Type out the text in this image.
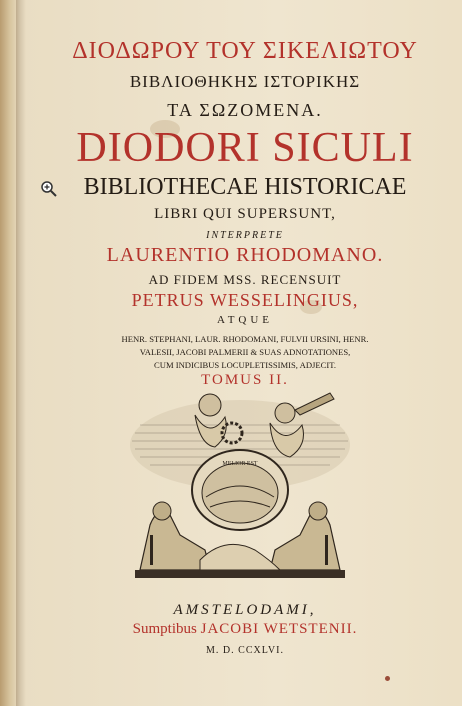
ΔΙΟΔΩΡΟΥ ΤΟΥ ΣΙΚΕΛΙΩΤΟΥ
ΒΙΒΛΙΟΘΗΚΗΣ ΙΣΤΟΡΙΚΗΣ
ΤΑ ΣΩΖΟΜΕΝΑ.
DIODORI SICULI
BIBLIOTHECAE HISTORICAE
LIBRI QUI SUPERSUNT,
INTERPRETE
LAURENTIO RHODOMANO.
AD FIDEM MSS. RECENSUIT
PETRUS WESSELINGIUS,
ATQUE
HENR. STEPHANI, LAUR. RHODOMANI, FULVII URSINI, HENR.
VALESII, JACOBI PALMERII & SUAS ADNOTATIONES,
CUM INDICIBUS LOCUPLETISSIMIS, ADJECIT.
TOMUS II.
AMSTELODAMI,
Sumptibus JACOBI WETSTENII.
M. D. CCXLVI.
MELIOR EST
